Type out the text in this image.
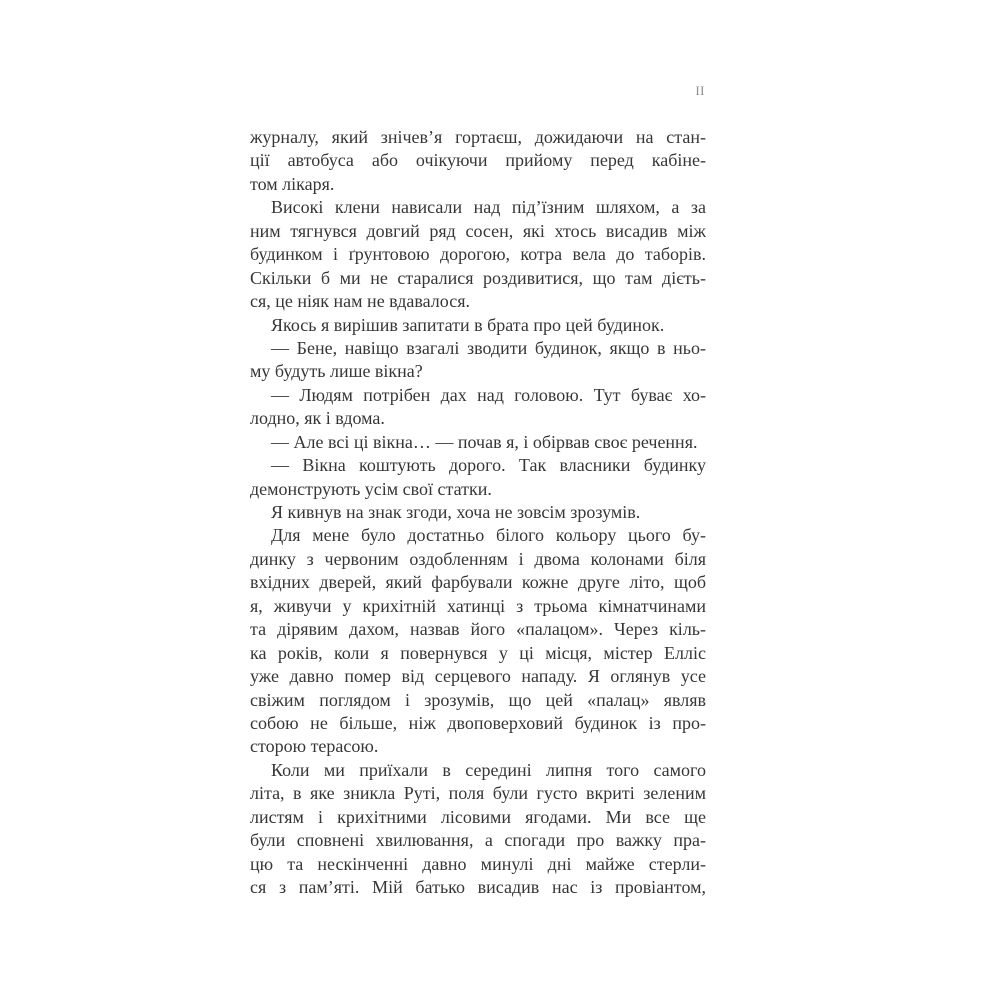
II
журналу, який знічев’я гортаєш, дожидаючи на стан-
ції автобуса або очікуючи прийому перед кабіне-
том лікаря.
Високі клени нависали над під’їзним шляхом, а за
ним тягнувся довгий ряд сосен, які хтось висадив між
будинком і ґрунтовою дорогою, котра вела до таборів.
Скільки б ми не старалися роздивитися, що там дієть-
ся, це ніяк нам не вдавалося.
Якось я вирішив запитати в брата про цей будинок.
— Бене, навіщо взагалі зводити будинок, якщо в ньо-
му будуть лише вікна?
— Людям потрібен дах над головою. Тут буває хо-
лодно, як і вдома.
— Але всі ці вікна… — почав я, і обірвав своє речення.
— Вікна коштують дорого. Так власники будинку
демонструють усім свої статки.
Я кивнув на знак згоди, хоча не зовсім зрозумів.
Для мене було достатньо білого кольору цього бу-
динку з червоним оздобленням і двома колонами біля
вхідних дверей, який фарбували кожне друге літо, щоб
я, живучи у крихітній хатинці з трьома кімнатчинами
та дірявим дахом, назвав його «палацом». Через кіль-
ка років, коли я повернувся у ці місця, містер Елліс
уже давно помер від серцевого нападу. Я оглянув усе
свіжим поглядом і зрозумів, що цей «палац» являв
собою не більше, ніж двоповерховий будинок із про-
сторою терасою.
Коли ми приїхали в середині липня того самого
літа, в яке зникла Руті, поля були густо вкриті зеленим
листям і крихітними лісовими ягодами. Ми все ще
були сповнені хвилювання, а спогади про важку пра-
цю та нескінченні давно минулі дні майже стерли-
ся з пам’яті. Мій батько висадив нас із провіантом,
